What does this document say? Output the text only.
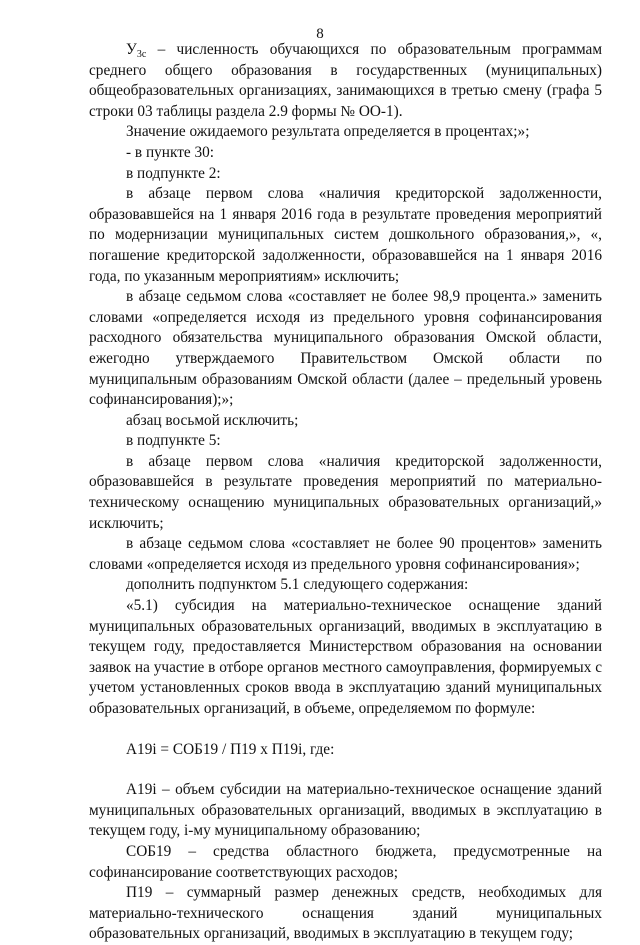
8

$У_{3с}$ – численность обучающихся по образовательным программам среднего общего образования в государственных (муниципальных) общеобразовательных организациях, занимающихся в третью смену (графа 5 строки 03 таблицы раздела 2.9 формы № ОО-1).

Значение ожидаемого результата определяется в процентах;»;

- в пункте 30:

в подпункте 2:

в абзаце первом слова «наличия кредиторской задолженности, образовавшейся на 1 января 2016 года в результате проведения мероприятий по модернизации муниципальных систем дошкольного образования,», «, погашение кредиторской задолженности, образовавшейся на 1 января 2016 года, по указанным мероприятиям» исключить;

в абзаце седьмом слова «составляет не более 98,9 процента.» заменить словами «определяется исходя из предельного уровня софинансирования расходного обязательства муниципального образования Омской области, ежегодно утверждаемого Правительством Омской области по муниципальным образованиям Омской области (далее – предельный уровень софинансирования);»;

абзац восьмой исключить;

в подпункте 5:

в абзаце первом слова «наличия кредиторской задолженности, образовавшейся в результате проведения мероприятий по материально-техническому оснащению муниципальных образовательных организаций,» исключить;

в абзаце седьмом слова «составляет не более 90 процентов» заменить словами «определяется исходя из предельного уровня софинансирования»;

дополнить подпунктом 5.1 следующего содержания:

«5.1) субсидия на материально-техническое оснащение зданий муниципальных образовательных организаций, вводимых в эксплуатацию в текущем году, предоставляется Министерством образования на основании заявок на участие в отборе органов местного самоуправления, формируемых с учетом установленных сроков ввода в эксплуатацию зданий муниципальных образовательных организаций, в объеме, определяемом по формуле:

А19i = СОБ19 / П19 х П19i, где:

А19i – объем субсидии на материально-техническое оснащение зданий муниципальных образовательных организаций, вводимых в эксплуатацию в текущем году, i-му муниципальному образованию;

СОБ19 – средства областного бюджета, предусмотренные на софинансирование соответствующих расходов;

П19 – суммарный размер денежных средств, необходимых для материально-технического оснащения зданий муниципальных образовательных организаций, вводимых в эксплуатацию в текущем году;
